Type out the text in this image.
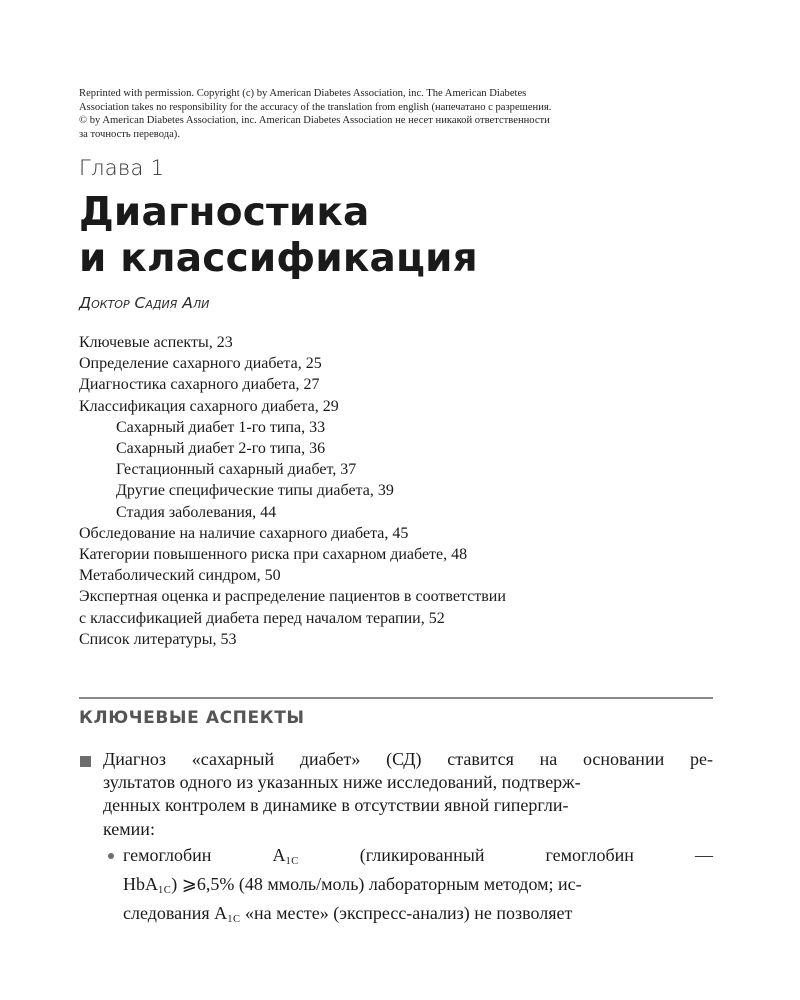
Reprinted with permission. Copyright (c) by American Diabetes Association, inc. The American Diabetes
Association takes no responsibility for the accuracy of the translation from english (напечатано с разрешения.
© by American Diabetes Association, inc. American Diabetes Association не несет никакой ответственности
за точность перевода).
Глава 1
Диагностика
и классификация
Доктор Садия Али
Ключевые аспекты, 23
Определение сахарного диабета, 25
Диагностика сахарного диабета, 27
Классификация сахарного диабета, 29
Сахарный диабет 1-го типа, 33
Сахарный диабет 2-го типа, 36
Гестационный сахарный диабет, 37
Другие специфические типы диабета, 39
Стадия заболевания, 44
Обследование на наличие сахарного диабета, 45
Категории повышенного риска при сахарном диабете, 48
Метаболический синдром, 50
Экспертная оценка и распределение пациентов в соответствии
с классификацией диабета перед началом терапии, 52
Список литературы, 53
КЛЮЧЕВЫЕ АСПЕКТЫ
Диагноз «сахарный диабет» (СД) ставится на основании ре-
зультатов одного из указанных ниже исследований, подтверж-
денных контролем в динамике в отсутствии явной гипергли-
кемии:
гемоглобин	$A_{1C}$	(гликированный	гемоглобин	—
HbA$_{1C}$) ⩾6,5% (48 ммоль/моль) лабораторным методом; ис-
следования $A_{1C}$ «на месте» (экспресс-анализ) не позволяет
